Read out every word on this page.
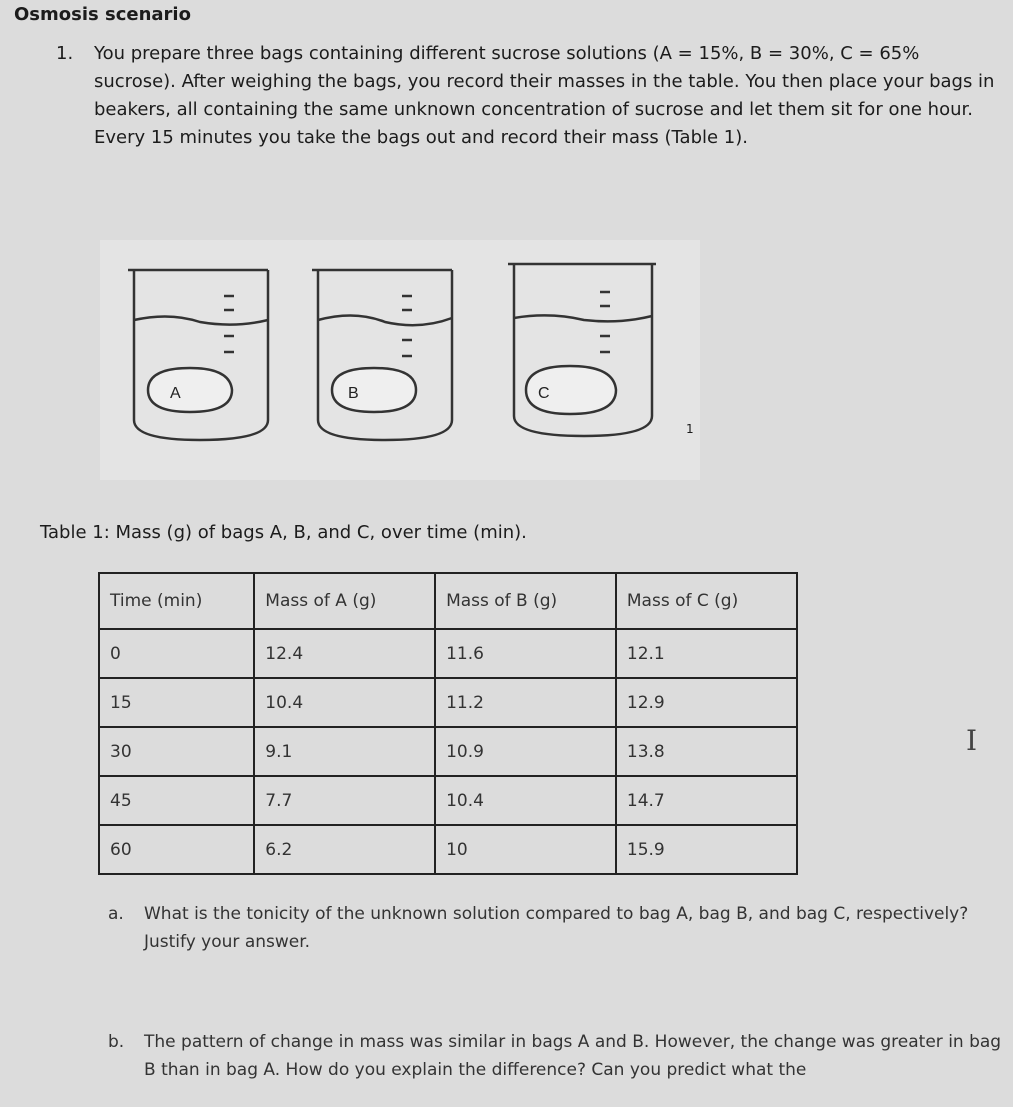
Osmosis scenario
1. You prepare three bags containing different sucrose solutions (A = 15%, B = 30%, C = 65% sucrose). After weighing the bags, you record their masses in the table. You then place your bags in beakers, all containing the same unknown concentration of sucrose and let them sit for one hour. Every 15 minutes you take the bags out and record their mass (Table 1).
A	B	C
1
Table 1: Mass (g) of bags A, B, and C, over time (min).
Time (min)	Mass of A (g)	Mass of B (g)	Mass of C (g)
0	12.4	11.6	12.1
15	10.4	11.2	12.9
30	9.1	10.9	13.8
45	7.7	10.4	14.7
60	6.2	10	15.9
I
a. What is the tonicity of the unknown solution compared to bag A, bag B, and bag C, respectively? Justify your answer.
b. The pattern of change in mass was similar in bags A and B. However, the change was greater in bag B than in bag A. How do you explain the difference? Can you predict what the
